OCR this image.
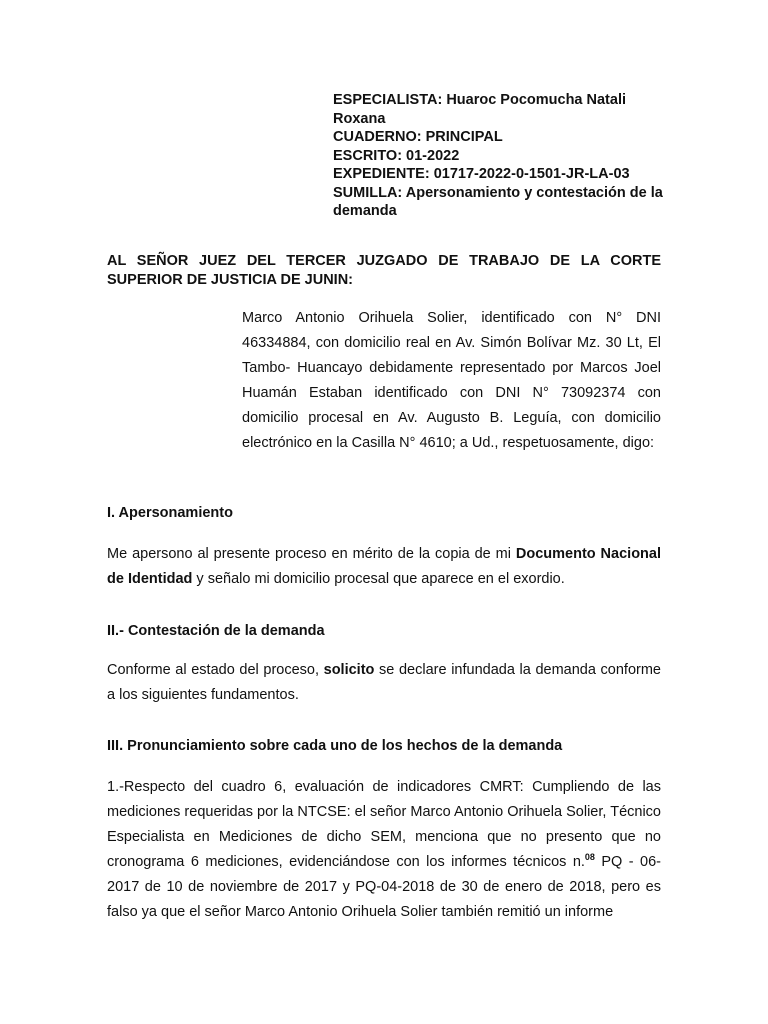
ESPECIALISTA: Huaroc Pocomucha Natali Roxana
CUADERNO: PRINCIPAL
ESCRITO: 01-2022
EXPEDIENTE: 01717-2022-0-1501-JR-LA-03
SUMILLA: Apersonamiento y contestación de la demanda
AL SEÑOR JUEZ DEL TERCER JUZGADO DE TRABAJO DE LA CORTE SUPERIOR DE JUSTICIA DE JUNIN:
Marco Antonio Orihuela Solier, identificado con N° DNI 46334884, con domicilio real en Av. Simón Bolívar Mz. 30 Lt, El Tambo- Huancayo debidamente representado por Marcos Joel Huamán Estaban identificado con DNI N° 73092374 con domicilio procesal en Av. Augusto B. Leguía, con domicilio electrónico en la Casilla N° 4610; a Ud., respetuosamente, digo:
I. Apersonamiento
Me apersono al presente proceso en mérito de la copia de mi Documento Nacional de Identidad y señalo mi domicilio procesal que aparece en el exordio.
II.- Contestación de la demanda
Conforme al estado del proceso, solicito se declare infundada la demanda conforme a los siguientes fundamentos.
III. Pronunciamiento sobre cada uno de los hechos de la demanda
1.-Respecto del cuadro 6, evaluación de indicadores CMRT: Cumpliendo de las mediciones requeridas por la NTCSE: el señor Marco Antonio Orihuela Solier, Técnico Especialista en Mediciones de dicho SEM, menciona que no presento que no cronograma 6 mediciones, evidenciándose con los informes técnicos n.$^{08}$ PQ - 06-2017 de 10 de noviembre de 2017 y PQ-04-2018 de 30 de enero de 2018, pero es falso ya que el señor Marco Antonio Orihuela Solier también remitió un informe
